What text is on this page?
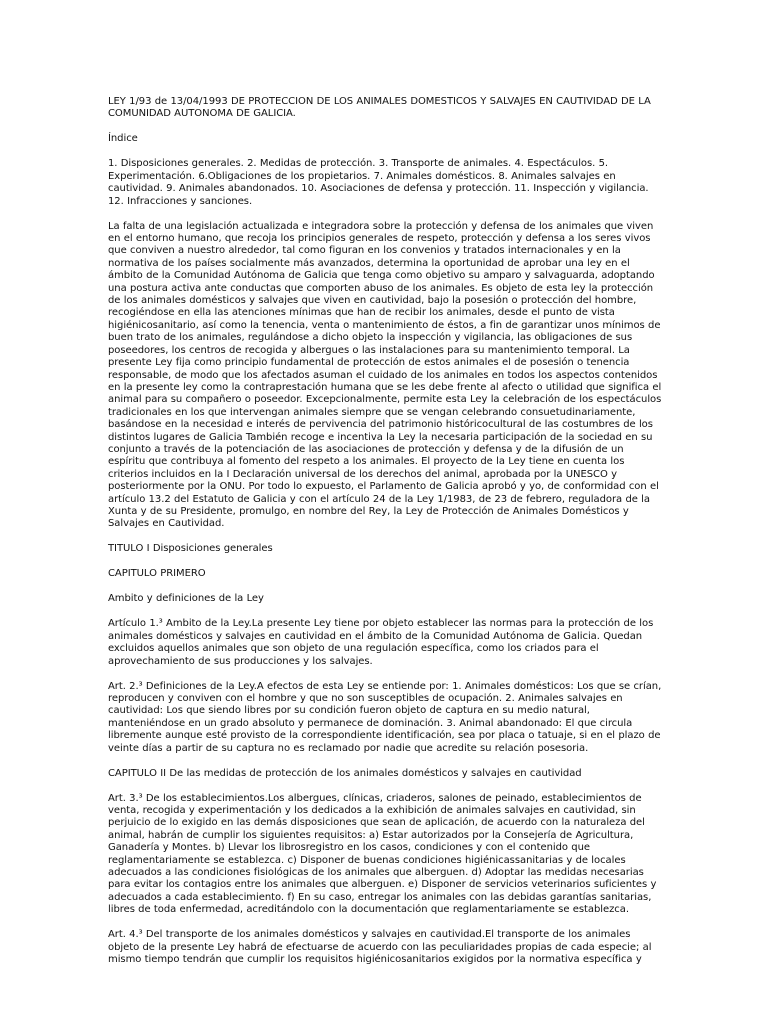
LEY 1/93 de 13/04/1993 DE PROTECCION DE LOS ANIMALES DOMESTICOS Y SALVAJES EN CAUTIVIDAD DE LA COMUNIDAD AUTONOMA DE GALICIA.

Índice

1. Disposiciones generales. 2. Medidas de protección. 3. Transporte de animales. 4. Espectáculos. 5. Experimentación. 6.Obligaciones de los propietarios. 7. Animales domésticos. 8. Animales salvajes en cautividad. 9. Animales abandonados. 10. Asociaciones de defensa y protección. 11. Inspección y vigilancia. 12. Infracciones y sanciones.

La falta de una legislación actualizada e integradora sobre la protección y defensa de los animales que viven en el entorno humano, que recoja los principios generales de respeto, protección y defensa a los seres vivos que conviven a nuestro alrededor, tal como figuran en los convenios y tratados internacionales y en la normativa de los países socialmente más avanzados, determina la oportunidad de aprobar una ley en el ámbito de la Comunidad Autónoma de Galicia que tenga como objetivo su amparo y salvaguarda, adoptando una postura activa ante conductas que comporten abuso de los animales. Es objeto de esta ley la protección de los animales domésticos y salvajes que viven en cautividad, bajo la posesión o protección del hombre, recogiéndose en ella las atenciones mínimas que han de recibir los animales, desde el punto de vista higiénicosanitario, así como la tenencia, venta o mantenimiento de éstos, a fin de garantizar unos mínimos de buen trato de los animales, regulándose a dicho objeto la inspección y vigilancia, las obligaciones de sus poseedores, los centros de recogida y albergues o las instalaciones para su mantenimiento temporal. La presente Ley fija como principio fundamental de protección de estos animales el de posesión o tenencia responsable, de modo que los afectados asuman el cuidado de los animales en todos los aspectos contenidos en la presente ley como la contraprestación humana que se les debe frente al afecto o utilidad que significa el animal para su compañero o poseedor. Excepcionalmente, permite esta Ley la celebración de los espectáculos tradicionales en los que intervengan animales siempre que se vengan celebrando consuetudinariamente, basándose en la necesidad e interés de pervivencia del patrimonio históricocultural de las costumbres de los distintos lugares de Galicia También recoge e incentiva la Ley la necesaria participación de la sociedad en su conjunto a través de la potenciación de las asociaciones de protección y defensa y de la difusión de un espíritu que contribuya al fomento del respeto a los animales. El proyecto de la Ley tiene en cuenta los criterios incluidos en la I Declaración universal de los derechos del animal, aprobada por la UNESCO y posteriormente por la ONU. Por todo lo expuesto, el Parlamento de Galicia aprobó y yo, de conformidad con el artículo 13.2 del Estatuto de Galicia y con el artículo 24 de la Ley 1/1983, de 23 de febrero, reguladora de la Xunta y de su Presidente, promulgo, en nombre del Rey, la Ley de Protección de Animales Domésticos y Salvajes en Cautividad.

TITULO I Disposiciones generales

CAPITULO PRIMERO

Ambito y definiciones de la Ley

Artículo 1.³ Ambito de la Ley.La presente Ley tiene por objeto establecer las normas para la protección de los animales domésticos y salvajes en cautividad en el ámbito de la Comunidad Autónoma de Galicia. Quedan excluidos aquellos animales que son objeto de una regulación específica, como los criados para el aprovechamiento de sus producciones y los salvajes.

Art. 2.³ Definiciones de la Ley.A efectos de esta Ley se entiende por: 1. Animales domésticos: Los que se crían, reproducen y conviven con el hombre y que no son susceptibles de ocupación. 2. Animales salvajes en cautividad: Los que siendo libres por su condición fueron objeto de captura en su medio natural, manteniéndose en un grado absoluto y permanece de dominación. 3. Animal abandonado: El que circula libremente aunque esté provisto de la correspondiente identificación, sea por placa o tatuaje, si en el plazo de veinte días a partir de su captura no es reclamado por nadie que acredite su relación posesoria.

CAPITULO II De las medidas de protección de los animales domésticos y salvajes en cautividad

Art. 3.³ De los establecimientos.Los albergues, clínicas, criaderos, salones de peinado, establecimientos de venta, recogida y experimentación y los dedicados a la exhibición de animales salvajes en cautividad, sin perjuicio de lo exigido en las demás disposiciones que sean de aplicación, de acuerdo con la naturaleza del animal, habrán de cumplir los siguientes requisitos: a) Estar autorizados por la Consejería de Agricultura, Ganadería y Montes. b) Llevar los librosregistro en los casos, condiciones y con el contenido que reglamentariamente se establezca. c) Disponer de buenas condiciones higiénicassanitarias y de locales adecuados a las condiciones fisiológicas de los animales que alberguen. d) Adoptar las medidas necesarias para evitar los contagios entre los animales que alberguen. e) Disponer de servicios veterinarios suficientes y adecuados a cada establecimiento. f) En su caso, entregar los animales con las debidas garantías sanitarias, libres de toda enfermedad, acreditándolo con la documentación que reglamentariamente se establezca.

Art. 4.³ Del transporte de los animales domésticos y salvajes en cautividad.El transporte de los animales objeto de la presente Ley habrá de efectuarse de acuerdo con las peculiaridades propias de cada especie; al mismo tiempo tendrán que cumplir los requisitos higiénicosanitarios exigidos por la normativa específica y
